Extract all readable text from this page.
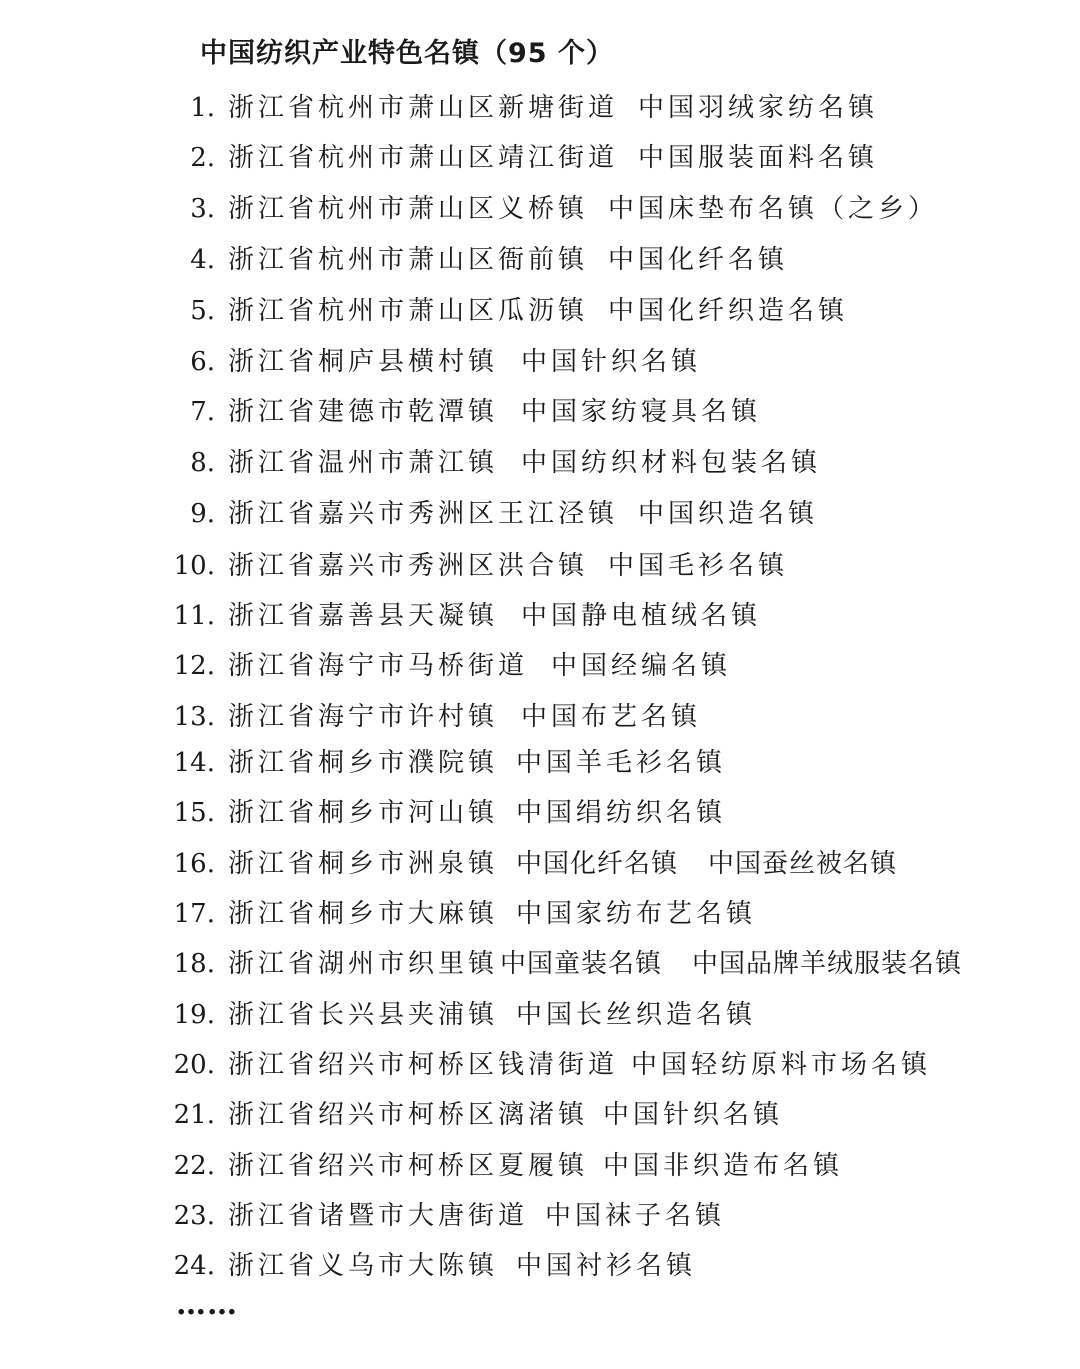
中国纺织产业特色名镇（95 个）
1. 浙江省杭州市萧山区新塘街道 中国羽绒家纺名镇
2. 浙江省杭州市萧山区靖江街道 中国服装面料名镇
3. 浙江省杭州市萧山区义桥镇 中国床垫布名镇（之乡）
4. 浙江省杭州市萧山区衙前镇 中国化纤名镇
5. 浙江省杭州市萧山区瓜沥镇 中国化纤织造名镇
6. 浙江省桐庐县横村镇 中国针织名镇
7. 浙江省建德市乾潭镇 中国家纺寝具名镇
8. 浙江省温州市萧江镇 中国纺织材料包装名镇
9. 浙江省嘉兴市秀洲区王江泾镇 中国织造名镇
10. 浙江省嘉兴市秀洲区洪合镇 中国毛衫名镇
11. 浙江省嘉善县天凝镇 中国静电植绒名镇
12. 浙江省海宁市马桥街道 中国经编名镇
13. 浙江省海宁市许村镇 中国布艺名镇
14. 浙江省桐乡市濮院镇 中国羊毛衫名镇
15. 浙江省桐乡市河山镇 中国绢纺织名镇
16. 浙江省桐乡市洲泉镇 中国化纤名镇 中国蚕丝被名镇
17. 浙江省桐乡市大麻镇 中国家纺布艺名镇
18. 浙江省湖州市织里镇 中国童装名镇 中国品牌羊绒服装名镇
19. 浙江省长兴县夹浦镇 中国长丝织造名镇
20. 浙江省绍兴市柯桥区钱清街道 中国轻纺原料市场名镇
21. 浙江省绍兴市柯桥区漓渚镇 中国针织名镇
22. 浙江省绍兴市柯桥区夏履镇 中国非织造布名镇
23. 浙江省诸暨市大唐街道 中国袜子名镇
24. 浙江省义乌市大陈镇 中国衬衫名镇
……
